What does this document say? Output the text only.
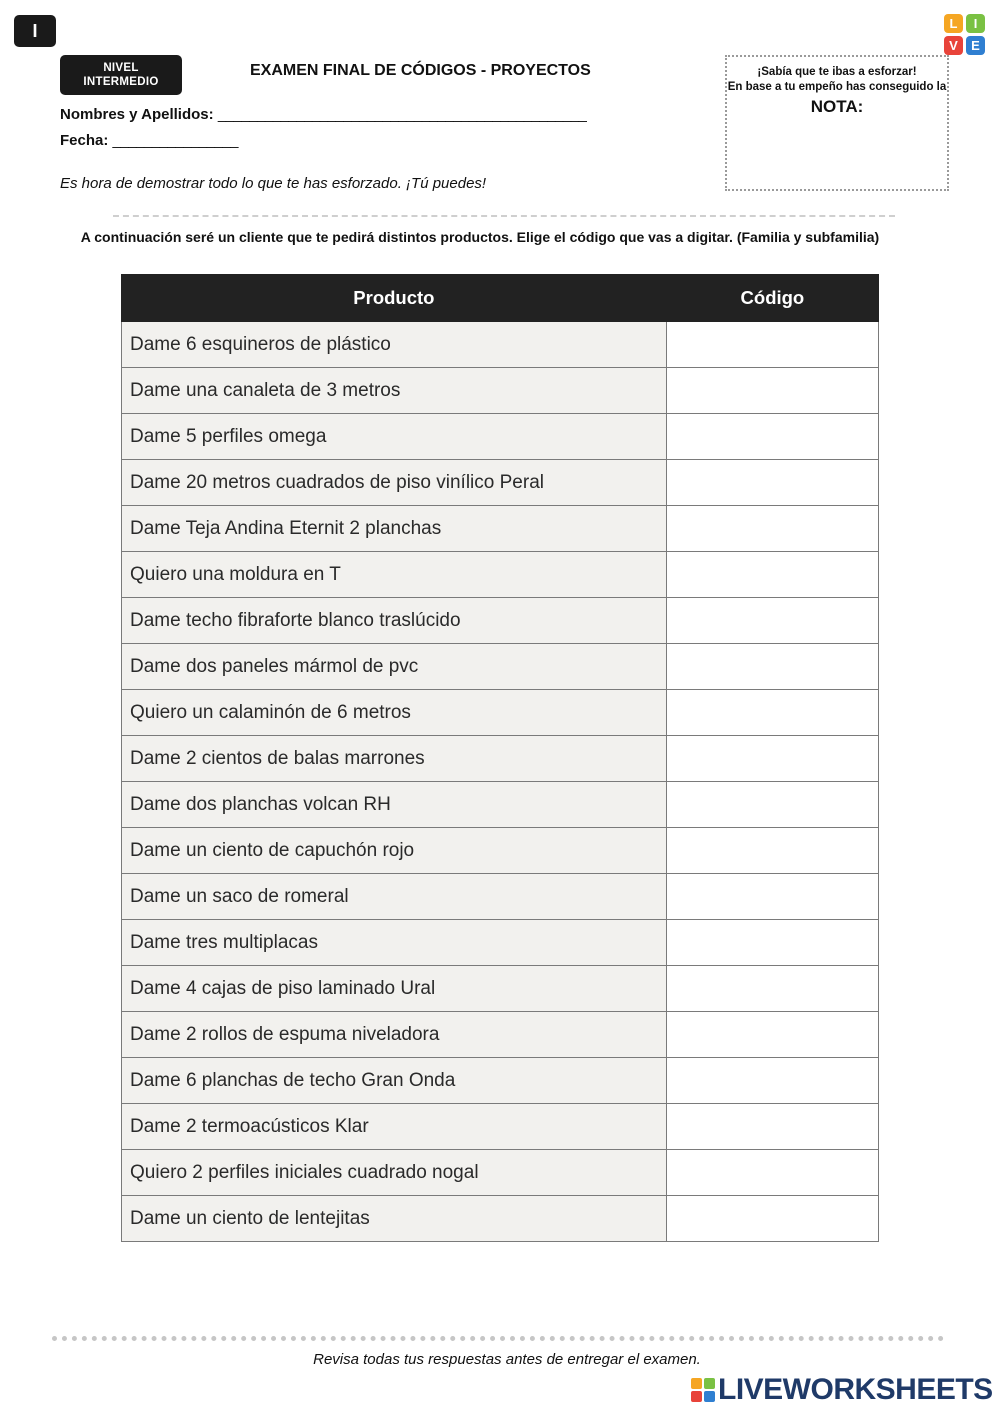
I
NIVEL
INTERMEDIO
EXAMEN FINAL DE CÓDIGOS - PROYECTOS
Nombres y Apellidos: _______________________________________________
Fecha: ________________
Es hora de demostrar todo lo que te has esforzado. ¡Tú puedes!
¡Sabía que te ibas a esforzar!
En base a tu empeño has conseguido la
NOTA:
L	I
V	E
A continuación seré un cliente que te pedirá distintos productos. Elige el código que vas a digitar. (Familia y subfamilia)
Producto	Código
Dame 6 esquineros de plástico	
Dame una canaleta de 3 metros	
Dame 5 perfiles omega	
Dame 20 metros cuadrados de piso vinílico Peral	
Dame Teja Andina Eternit 2 planchas	
Quiero una moldura en T	
Dame techo fibraforte blanco traslúcido	
Dame dos paneles mármol de pvc	
Quiero un calaminón de 6 metros	
Dame 2 cientos de balas marrones	
Dame dos planchas volcan RH	
Dame un ciento de capuchón rojo	
Dame un saco de romeral	
Dame tres multiplacas	
Dame 4 cajas de piso laminado Ural	
Dame 2 rollos de espuma niveladora	
Dame 6 planchas de techo Gran Onda	
Dame 2 termoacústicos Klar	
Quiero 2 perfiles iniciales cuadrado nogal	
Dame un ciento de lentejitas	
Revisa todas tus respuestas antes de entregar el examen.
LIVEWORKSHEETS
